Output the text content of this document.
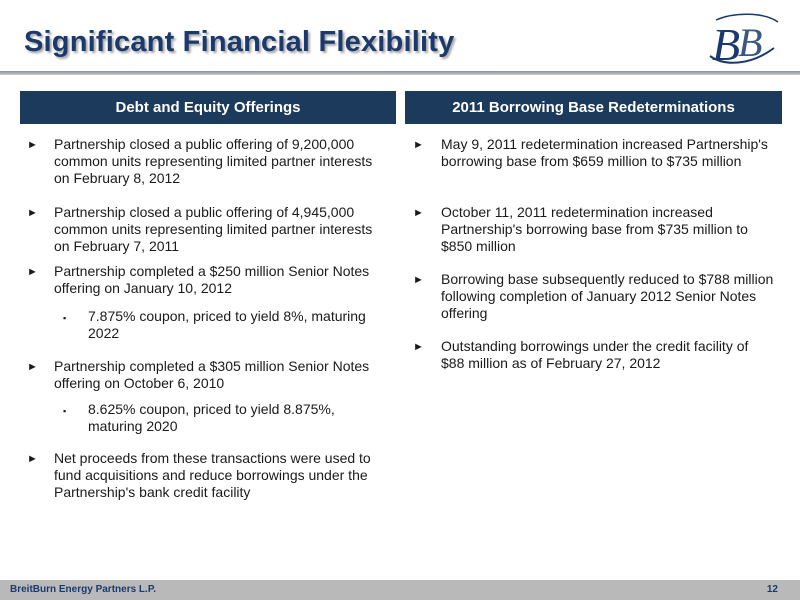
Significant Financial Flexibility	B
B
Debt and Equity Offerings	2011 Borrowing Base Redeterminations
► Partnership closed a public offering of 9,200,000 common units representing limited partner interests on February 8, 2012
► Partnership closed a public offering of 4,945,000 common units representing limited partner interests on February 7, 2011
► Partnership completed a $250 million Senior Notes offering on January 10, 2012
▪ 7.875% coupon, priced to yield 8%, maturing 2022
► Partnership completed a $305 million Senior Notes offering on October 6, 2010
▪ 8.625% coupon, priced to yield 8.875%, maturing 2020
► Net proceeds from these transactions were used to fund acquisitions and reduce borrowings under the Partnership's bank credit facility
► May 9, 2011 redetermination increased Partnership's borrowing base from $659 million to $735 million
► October 11, 2011 redetermination increased Partnership's borrowing base from $735 million to $850 million
► Borrowing base subsequently reduced to $788 million following completion of January 2012 Senior Notes offering
► Outstanding borrowings under the credit facility of $88 million as of February 27, 2012
BreitBurn Energy Partners L.P.	12
